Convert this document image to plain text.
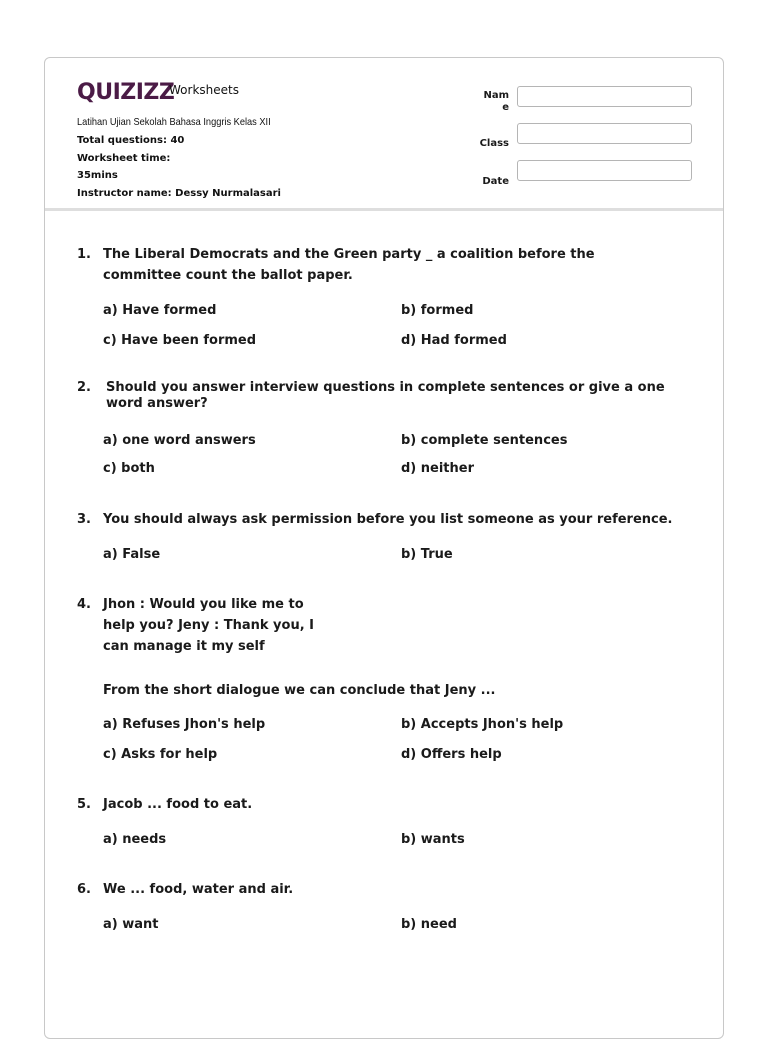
QUIZIZZ
Worksheets
Latihan Ujian Sekolah Bahasa Inggris Kelas XII
Total questions: 40
Worksheet time:
35mins
Instructor name: Dessy Nurmalasari
Nam
e
Class
Date
1. The Liberal Democrats and the Green party _ a coalition before the
committee count the ballot paper.
a) Have formed	b) formed
c) Have been formed	d) Had formed
2. Should you answer interview questions in complete sentences or give a one
word answer?
a) one word answers	b) complete sentences
c) both	d) neither
3. You should always ask permission before you list someone as your reference.
a) False	b) True
4. Jhon : Would you like me to
help you? Jeny : Thank you, I
can manage it my self
From the short dialogue we can conclude that Jeny ...
a) Refuses Jhon's help	b) Accepts Jhon's help
c) Asks for help	d) Offers help
5. Jacob ... food to eat.
a) needs	b) wants
6. We ... food, water and air.
a) want	b) need
